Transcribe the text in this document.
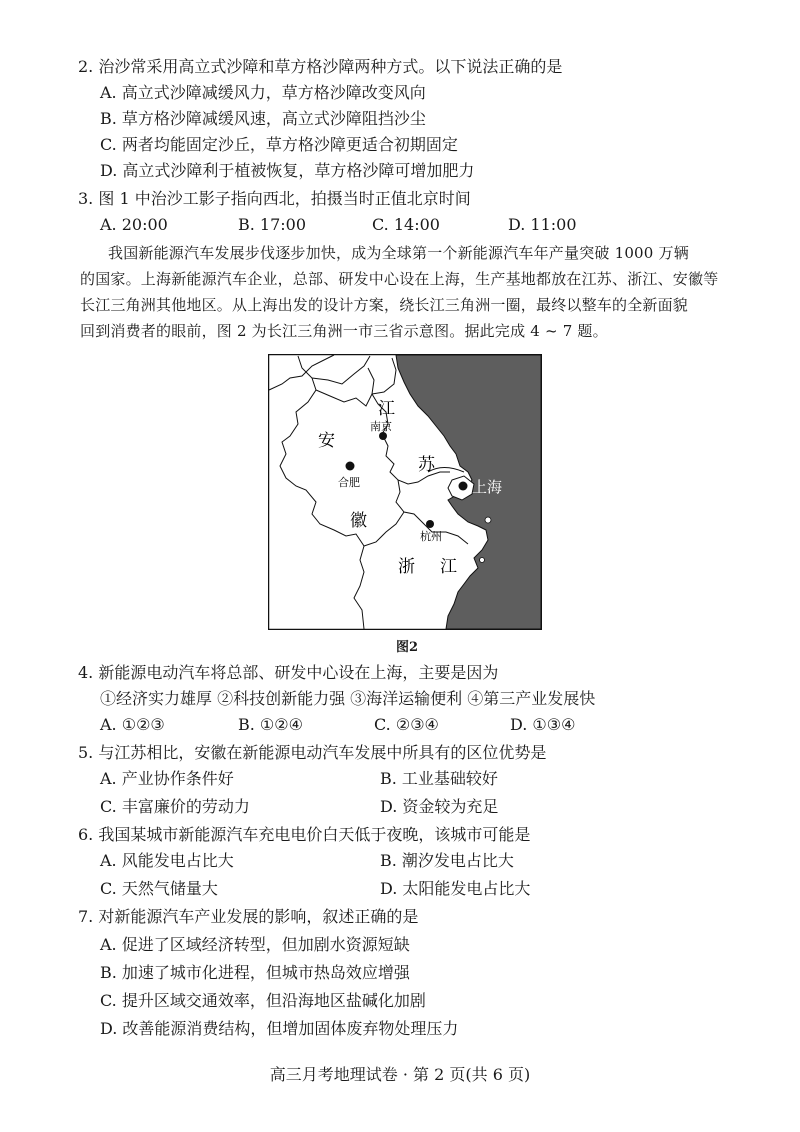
2. 治沙常采用高立式沙障和草方格沙障两种方式。以下说法正确的是
A. 高立式沙障减缓风力，草方格沙障改变风向
B. 草方格沙障减缓风速，高立式沙障阻挡沙尘
C. 两者均能固定沙丘，草方格沙障更适合初期固定
D. 高立式沙障利于植被恢复，草方格沙障可增加肥力
3. 图 1 中治沙工影子指向西北，拍摄当时正值北京时间
A. 20:00	B. 17:00	C. 14:00	D. 11:00
我国新能源汽车发展步伐逐步加快，成为全球第一个新能源汽车年产量突破 1000 万辆
的国家。上海新能源汽车企业，总部、研发中心设在上海，生产基地都放在江苏、浙江、安徽等
长江三角洲其他地区。从上海出发的设计方案，绕长江三角洲一圈，最终以整车的全新面貌
回到消费者的眼前，图 2 为长江三角洲一市三省示意图。据此完成 4 ~ 7 题。
江
苏
安
徽
浙 江
南京
合肥
杭州
上海
图2
4. 新能源电动汽车将总部、研发中心设在上海，主要是因为
①经济实力雄厚 ②科技创新能力强 ③海洋运输便利 ④第三产业发展快
A. ①②③	B. ①②④	C. ②③④	D. ①③④
5. 与江苏相比，安徽在新能源电动汽车发展中所具有的区位优势是
A. 产业协作条件好	B. 工业基础较好
C. 丰富廉价的劳动力	D. 资金较为充足
6. 我国某城市新能源汽车充电电价白天低于夜晚，该城市可能是
A. 风能发电占比大	B. 潮汐发电占比大
C. 天然气储量大	D. 太阳能发电占比大
7. 对新能源汽车产业发展的影响，叙述正确的是
A. 促进了区域经济转型，但加剧水资源短缺
B. 加速了城市化进程，但城市热岛效应增强
C. 提升区域交通效率，但沿海地区盐碱化加剧
D. 改善能源消费结构，但增加固体废弃物处理压力
高三月考地理试卷 · 第 2 页(共 6 页)
